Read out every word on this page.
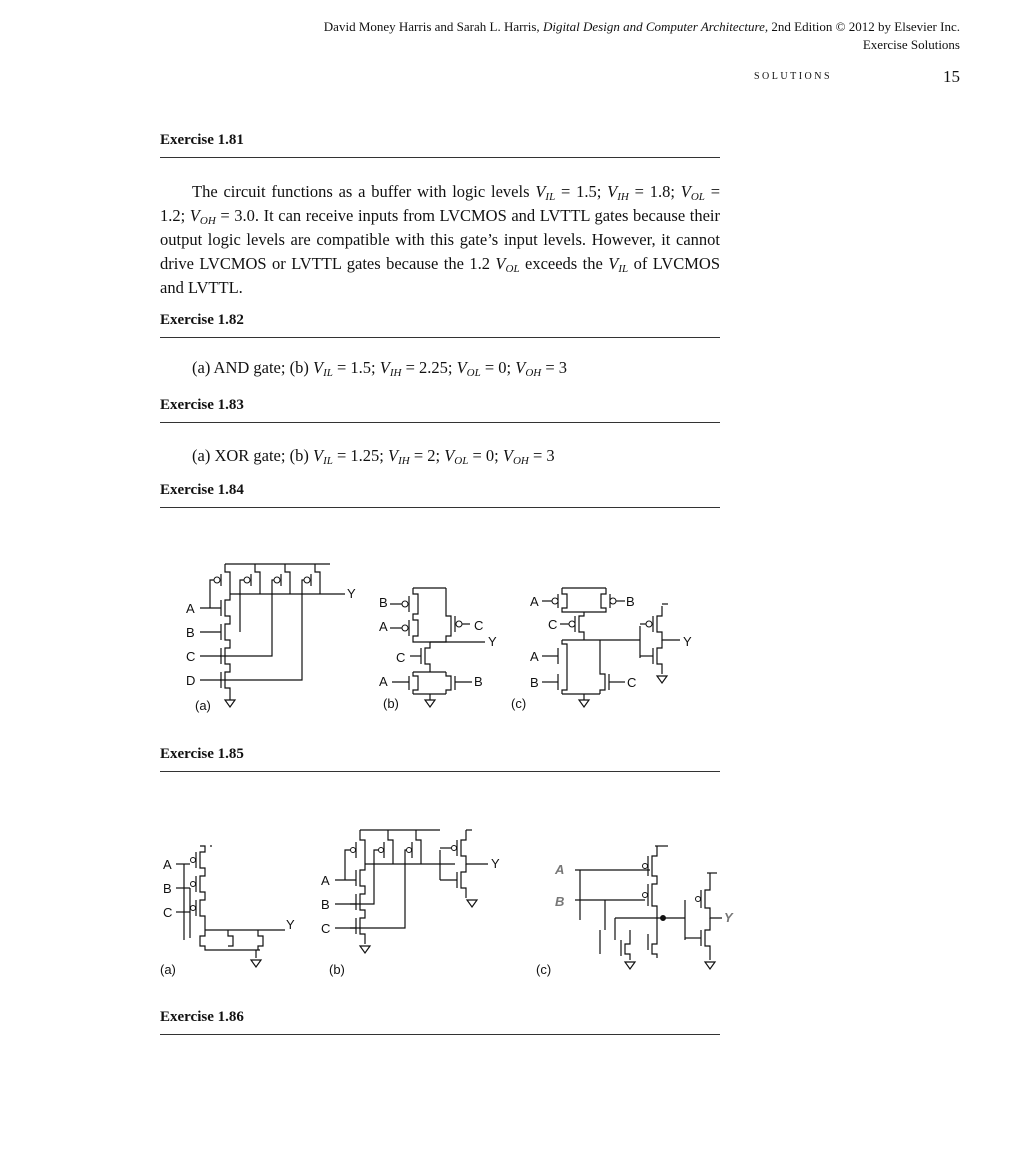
David Money Harris and Sarah L. Harris, Digital Design and Computer Architecture, 2nd Edition © 2012 by Elsevier Inc.
Exercise Solutions
SOLUTIONS	15
Exercise 1.81
The circuit functions as a buffer with logic levels $V_{IL} = 1.5$; $V_{IH} = 1.8$; $V_{OL} = 1.2$; $V_{OH} = 3.0$. It can receive inputs from LVCMOS and LVTTL gates because their output logic levels are compatible with this gate’s input levels. However, it cannot drive LVCMOS or LVTTL gates because the 1.2 $V_{OL}$ exceeds the $V_{IL}$ of LVCMOS and LVTTL.
Exercise 1.82
(a) AND gate; (b) $V_{IL} = 1.5$; $V_{IH} = 2.25$; $V_{OL} = 0$; $V_{OH} = 3$
Exercise 1.83
(a) XOR gate; (b) $V_{IL} = 1.25$; $V_{IH} = 2$; $V_{OL} = 0$; $V_{OH} = 3$
Exercise 1.84
A
B
C
D
Y
(a)
B
A	C
Y
C
A	B
(b)
A	B
C
Y
A
B	C
(c)
A
B
C
Y
(a)
A
B
C
Y
(b)
A
B
Y
(c)
Exercise 1.85
Exercise 1.86
